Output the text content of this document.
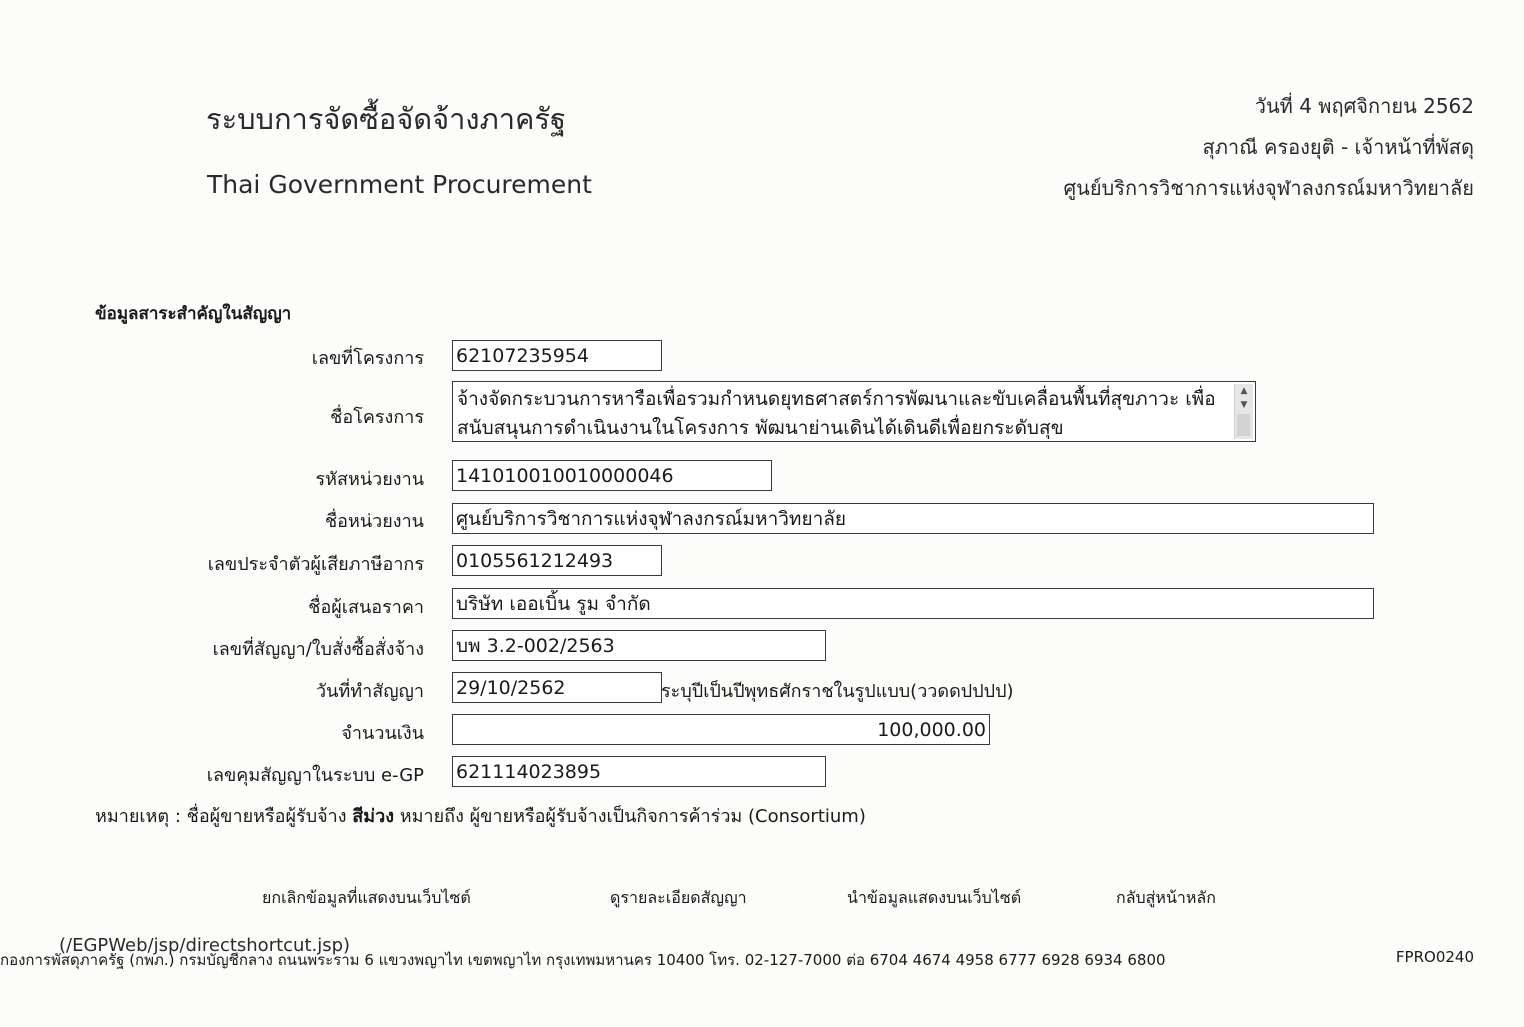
ระบบการจัดซื้อจัดจ้างภาครัฐ
Thai Government Procurement
วันที่ 4 พฤศจิกายน 2562
สุภาณี ครองยุติ - เจ้าหน้าที่พัสดุ
ศูนย์บริการวิชาการแห่งจุฬาลงกรณ์มหาวิทยาลัย
ข้อมูลสาระสำคัญในสัญญา
เลขที่โครงการ
62107235954
ชื่อโครงการ
จ้างจัดกระบวนการหารือเพื่อรวมกำหนดยุทธศาสตร์การพัฒนาและขับเคลื่อนพื้นที่สุขภาวะ เพื่อสนับสนุนการดำเนินงานในโครงการ พัฒนาย่านเดินได้เดินดีเพื่อยกระดับสุข
▲
▼
รหัสหน่วยงาน
141010010010000046
ชื่อหน่วยงาน
ศูนย์บริการวิชาการแห่งจุฬาลงกรณ์มหาวิทยาลัย
เลขประจำตัวผู้เสียภาษีอากร
0105561212493
ชื่อผู้เสนอราคา
บริษัท เออเบิ้น รูม จำกัด
เลขที่สัญญา/ใบสั่งซื้อสั่งจ้าง
บพ 3.2-002/2563
วันที่ทำสัญญา
29/10/2562	ระบุปีเป็นปีพุทธศักราชในรูปแบบ(ววดดปปปป)
จำนวนเงิน
100,000.00
เลขคุมสัญญาในระบบ e-GP
621114023895
หมายเหตุ : ชื่อผู้ขายหรือผู้รับจ้าง สีม่วง หมายถึง ผู้ขายหรือผู้รับจ้างเป็นกิจการค้าร่วม (Consortium)
ยกเลิกข้อมูลที่แสดงบนเว็บไซต์	ดูรายละเอียดสัญญา	นำข้อมูลแสดงบนเว็บไซต์	กลับสู่หน้าหลัก
(/EGPWeb/jsp/directshortcut.jsp)
กองการพัสดุภาครัฐ (กพภ.) กรมบัญชีกลาง ถนนพระราม 6 แขวงพญาไท เขตพญาไท กรุงเทพมหานคร 10400 โทร. 02-127-7000 ต่อ 6704 4674 4958 6777 6928 6934 6800	FPRO0240
